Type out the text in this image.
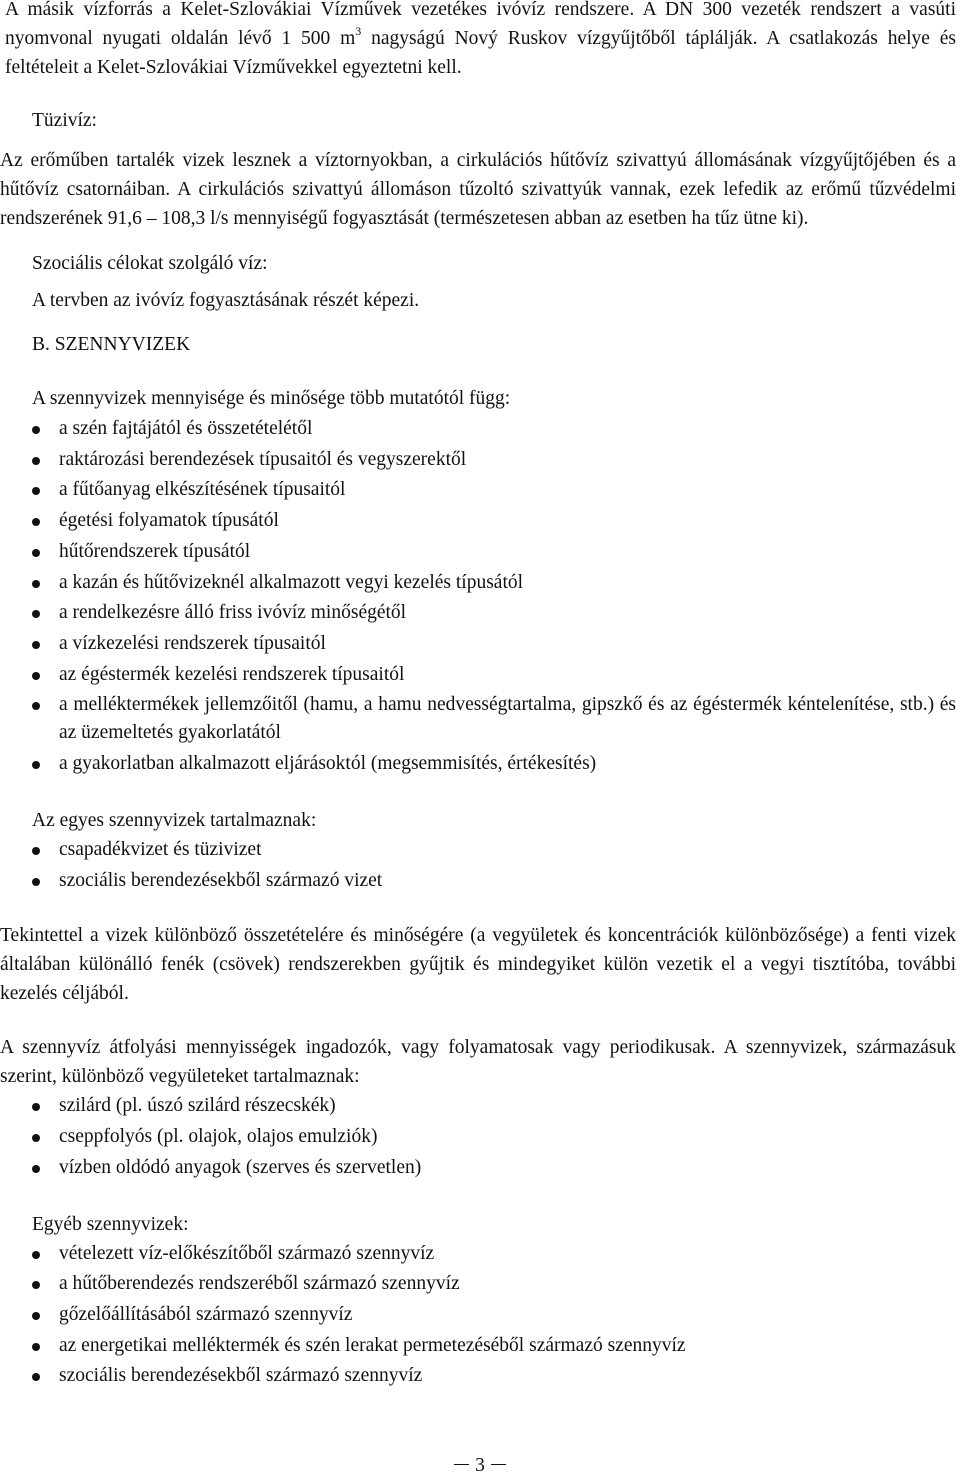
A másik vízforrás a Kelet-Szlovákiai Vízművek vezetékes ivóvíz rendszere. A DN 300 vezeték rendszert a vasúti nyomvonal nyugati oldalán lévő 1 500 $m^3$ nagyságú Nový Ruskov vízgyűjtőből táplálják. A csatlakozás helye és feltételeit a Kelet-Szlovákiai Vízművekkel egyeztetni kell.

Tüzivíz:

Az erőműben tartalék vizek lesznek a víztornyokban, a cirkulációs hűtővíz szivattyú állomásának vízgyűjtőjében és a hűtővíz csatornáiban. A cirkulációs szivattyú állomáson tűzoltó szivattyúk vannak, ezek lefedik az erőmű tűzvédelmi rendszerének 91,6 – 108,3 l/s mennyiségű fogyasztását (természetesen abban az esetben ha tűz ütne ki).

Szociális célokat szolgáló víz:

A tervben az ivóvíz fogyasztásának részét képezi.

B. SZENNYVIZEK

A szennyvizek mennyisége és minősége több mutatótól függ:

a szén fajtájától és összetételétől
raktározási berendezések típusaitól és vegyszerektől
a fűtőanyag elkészítésének típusaitól
égetési folyamatok típusától
hűtőrendszerek típusától
a kazán és hűtővizeknél alkalmazott vegyi kezelés típusától
a rendelkezésre álló friss ivóvíz minőségétől
a vízkezelési rendszerek típusaitól
az égéstermék kezelési rendszerek típusaitól
a melléktermékek jellemzőitől (hamu, a hamu nedvességtartalma, gipszkő és az égéstermék kéntelenítése, stb.) és az üzemeltetés gyakorlatától
a gyakorlatban alkalmazott eljárásoktól (megsemmisítés, értékesítés)

Az egyes szennyvizek tartalmaznak:

csapadékvizet és tüzivizet
szociális berendezésekből származó vizet

Tekintettel a vizek különböző összetételére és minőségére (a vegyületek és koncentrációk különbözősége) a fenti vizek általában különálló fenék (csövek) rendszerekben gyűjtik és mindegyiket külön vezetik el a vegyi tisztítóba, további kezelés céljából.

A szennyvíz átfolyási mennyisségek ingadozók, vagy folyamatosak vagy periodikusak. A szennyvizek, származásuk szerint, különböző vegyületeket tartalmaznak:

szilárd (pl. úszó szilárd részecskék)
cseppfolyós (pl. olajok, olajos emulziók)
vízben oldódó anyagok (szerves és szervetlen)

Egyéb szennyvizek:

vételezett víz-előkészítőből származó szennyvíz
a hűtőberendezés rendszeréből származó szennyvíz
gőzelőállításából származó szennyvíz
az energetikai melléktermék és szén lerakat permetezéséből származó szennyvíz
szociális berendezésekből származó szennyvíz
3
